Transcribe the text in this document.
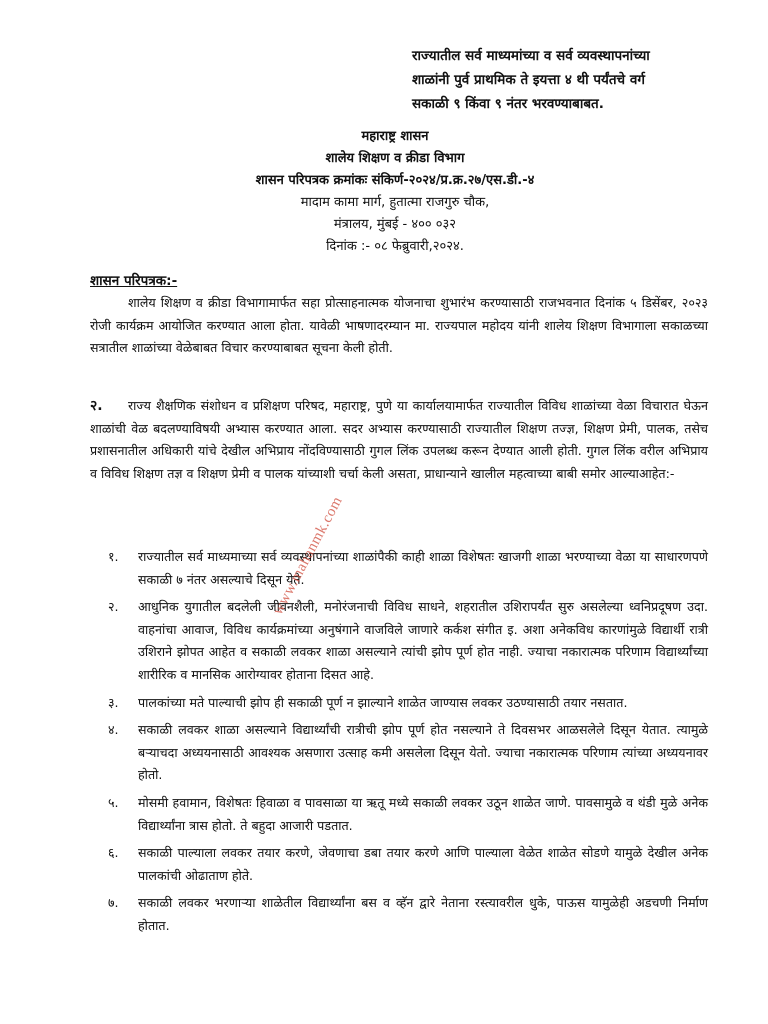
राज्यातील सर्व माध्यमांच्या व सर्व व्यवस्थापनांच्या
शाळांनी पुर्व प्राथमिक ते इयत्ता ४ थी पर्यंतचे वर्ग
सकाळी ९ किंवा ९ नंतर भरवण्याबाबत.
महाराष्ट्र शासन
शालेय शिक्षण व क्रीडा विभाग
शासन परिपत्रक क्रमांकः संकिर्ण-२०२४/प्र.क्र.२७/एस.डी.-४
मादाम कामा मार्ग, हुतात्मा राजगुरु चौक,
मंत्रालय, मुंबई - ४०० ०३२
दिनांक :- ०८ फेब्रुवारी,२०२४.
शासन परिपत्रक:-
शालेय शिक्षण व क्रीडा विभागामार्फत सहा प्रोत्साहनात्मक योजनाचा शुभारंभ करण्यासाठी राजभवनात दिनांक ५ डिसेंबर, २०२३ रोजी कार्यक्रम आयोजित करण्यात आला होता. यावेळी भाषणादरम्यान मा. राज्यपाल महोदय यांनी शालेय शिक्षण विभागाला सकाळच्या सत्रातील शाळांच्या वेळेबाबत विचार करण्याबाबत सूचना केली होती.
२. राज्य शैक्षणिक संशोधन व प्रशिक्षण परिषद, महाराष्ट्र, पुणे या कार्यालयामार्फत राज्यातील विविध शाळांच्या वेळा विचारात घेऊन शाळांची वेळ बदलण्याविषयी अभ्यास करण्यात आला. सदर अभ्यास करण्यासाठी राज्यातील शिक्षण तज्ज्ञ, शिक्षण प्रेमी, पालक, तसेच प्रशासनातील अधिकारी यांचे देखील अभिप्राय नोंदविण्यासाठी गुगल लिंक उपलब्ध करून देण्यात आली होती. गुगल लिंक वरील अभिप्राय व विविध शिक्षण तज्ञ व शिक्षण प्रेमी व पालक यांच्याशी चर्चा केली असता, प्राधान्याने खालील महत्वाच्या बाबी समोर आल्याआहेत:-
१. राज्यातील सर्व माध्यमाच्या सर्व व्यवस्थापनांच्या शाळांपैकी काही शाळा विशेषतः खाजगी शाळा भरण्याच्या वेळा या साधारणपणे सकाळी ७ नंतर असल्याचे दिसून येते.
२. आधुनिक युगातील बदलेली जीवनशैली, मनोरंजनाची विविध साधने, शहरातील उशिरापर्यंत सुरु असलेल्या ध्वनिप्रदूषण उदा. वाहनांचा आवाज, विविध कार्यक्रमांच्या अनुषंगाने वाजविले जाणारे कर्कश संगीत इ. अशा अनेकविध कारणांमुळे विद्यार्थी रात्री उशिराने झोपत आहेत व सकाळी लवकर शाळा असल्याने त्यांची झोप पूर्ण होत नाही. ज्याचा नकारात्मक परिणाम विद्यार्थ्यांच्या शारीरिक व मानसिक आरोग्यावर होताना दिसत आहे.
३. पालकांच्या मते पाल्याची झोप ही सकाळी पूर्ण न झाल्याने शाळेत जाण्यास लवकर उठण्यासाठी तयार नसतात.
४. सकाळी लवकर शाळा असल्याने विद्यार्थ्यांची रात्रीची झोप पूर्ण होत नसल्याने ते दिवसभर आळसलेले दिसून येतात. त्यामुळे बऱ्याचदा अध्ययनासाठी आवश्यक असणारा उत्साह कमी असलेला दिसून येतो. ज्याचा नकारात्मक परिणाम त्यांच्या अध्ययनावर होतो.
५. मोसमी हवामान, विशेषतः हिवाळा व पावसाळा या ऋतू मध्ये सकाळी लवकर उठून शाळेत जाणे. पावसामुळे व थंडी मुळे अनेक विद्यार्थ्यांना त्रास होतो. ते बहुदा आजारी पडतात.
६. सकाळी पाल्याला लवकर तयार करणे, जेवणाचा डबा तयार करणे आणि पाल्याला वेळेत शाळेत सोडणे यामुळे देखील अनेक पालकांची ओढाताण होते.
७. सकाळी लवकर भरणाऱ्या शाळेतील विद्यार्थ्यांना बस व व्हॅन द्वारे नेताना रस्त्यावरील धुके, पाऊस यामुळेही अडचणी निर्माण होतात.
www.mahanmk.com
